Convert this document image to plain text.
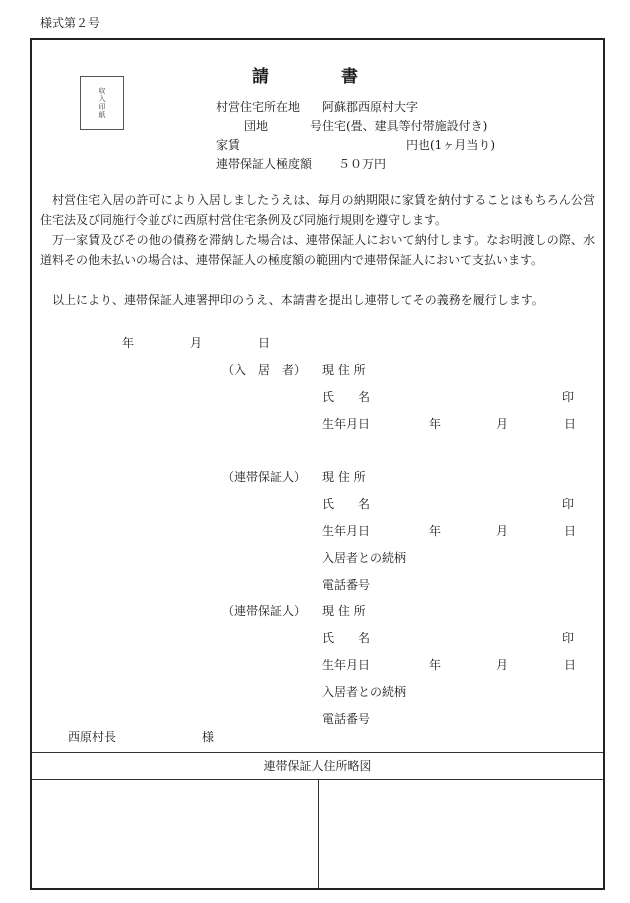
様式第２号
収入印紙
請書
村営住宅所在地 阿蘇郡西原村大字
団地	号住宅(畳、建具等付帯施設付き)
家賃	円也(1ヶ月当り)
連帯保証人極度額 ５０万円
村営住宅入居の許可により入居しましたうえは、毎月の納期限に家賃を納付することはもちろん公営住宅法及び同施行令並びに西原村営住宅条例及び同施行規則を遵守します。
万一家賃及びその他の債務を滞納した場合は、連帯保証人において納付します。なお明渡しの際、水道料その他未払いの場合は、連帯保証人の極度額の範囲内で連帯保証人において支払います。
以上により、連帯保証人連署押印のうえ、本請書を提出し連帯してその義務を履行します。
年	月	日
（入　居　者） 現 住 所
氏　　名	印
生年月日	年	月	日
（連帯保証人） 現 住 所
氏　　名	印
生年月日	年	月	日
入居者との続柄
電話番号
（連帯保証人） 現 住 所
氏　　名	印
生年月日	年	月	日
入居者との続柄
電話番号
西原村長	様
連帯保証人住所略図
